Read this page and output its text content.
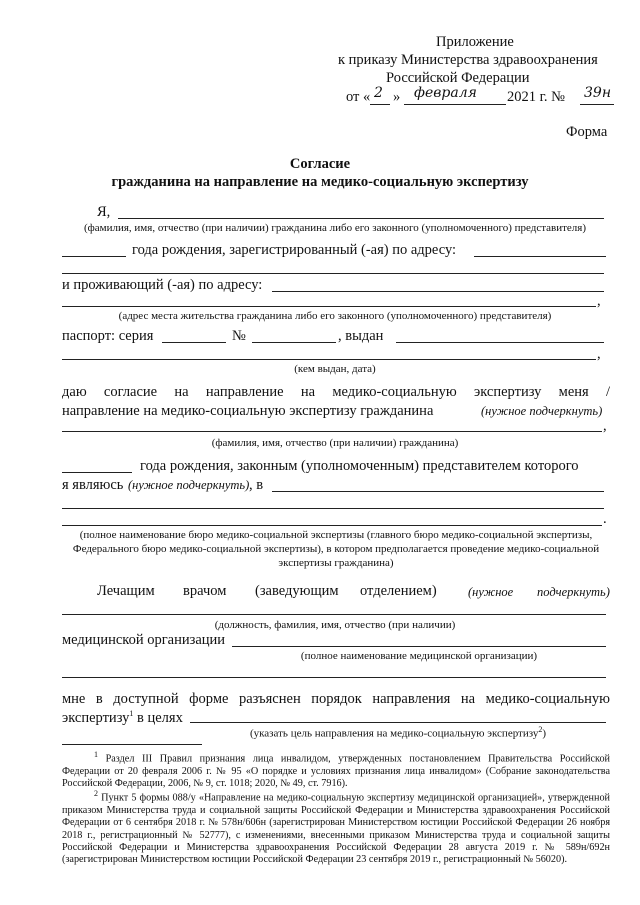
Приложение
к приказу Министерства здравоохранения
Российской Федерации
от « 2 » февраля 2021 г. № 39н
Форма
Согласие
гражданина на направление на медико-социальную экспертизу
Я,
(фамилия, имя, отчество (при наличии) гражданина либо его законного (уполномоченного) представителя)
года рождения, зарегистрированный (-ая) по адресу:
и проживающий (-ая) по адресу:
,
(адрес места жительства гражданина либо его законного (уполномоченного) представителя)
паспорт: серия	№	, выдан
,
(кем выдан, дата)
даю согласие на направление на медико-социальную экспертизу меня /
направление на медико-социальную экспертизу гражданина	(нужное подчеркнуть)
,
(фамилия, имя, отчество (при наличии) гражданина)
года рождения, законным (уполномоченным) представителем которого
я являюсь (нужное подчеркнуть) , в
.
(полное наименование бюро медико-социальной экспертизы (главного бюро медико-социальной экспертизы, Федерального бюро медико-социальной экспертизы), в котором предполагается проведение медико-социальной экспертизы гражданина)
Лечащим врачом (заведующим отделением)	(нужное подчеркнуть)
(должность, фамилия, имя, отчество (при наличии)
медицинской организации
(полное наименование медицинской организации)
мне в доступной форме разъяснен порядок направления на медико-социальную
экспертизу$^1$ в целях
(указать цель направления на медико-социальную экспертизу$^2$)
$^1$ Раздел III Правил признания лица инвалидом, утвержденных постановлением Правительства Российской Федерации от 20 февраля 2006 г. № 95 «О порядке и условиях признания лица инвалидом» (Собрание законодательства Российской Федерации, 2006, № 9, ст. 1018; 2020, № 49, ст. 7916).
$^2$ Пункт 5 формы 088/у «Направление на медико-социальную экспертизу медицинской организацией», утвержденной приказом Министерства труда и социальной защиты Российской Федерации и Министерства здравоохранения Российской Федерации от 6 сентября 2018 г. № 578н/606н (зарегистрирован Министерством юстиции Российской Федерации 26 ноября 2018 г., регистрационный № 52777), с изменениями, внесенными приказом Министерства труда и социальной защиты Российской Федерации и Министерства здравоохранения Российской Федерации 28 августа 2019 г. № 589н/692н (зарегистрирован Министерством юстиции Российской Федерации 23 сентября 2019 г., регистрационный № 56020).
